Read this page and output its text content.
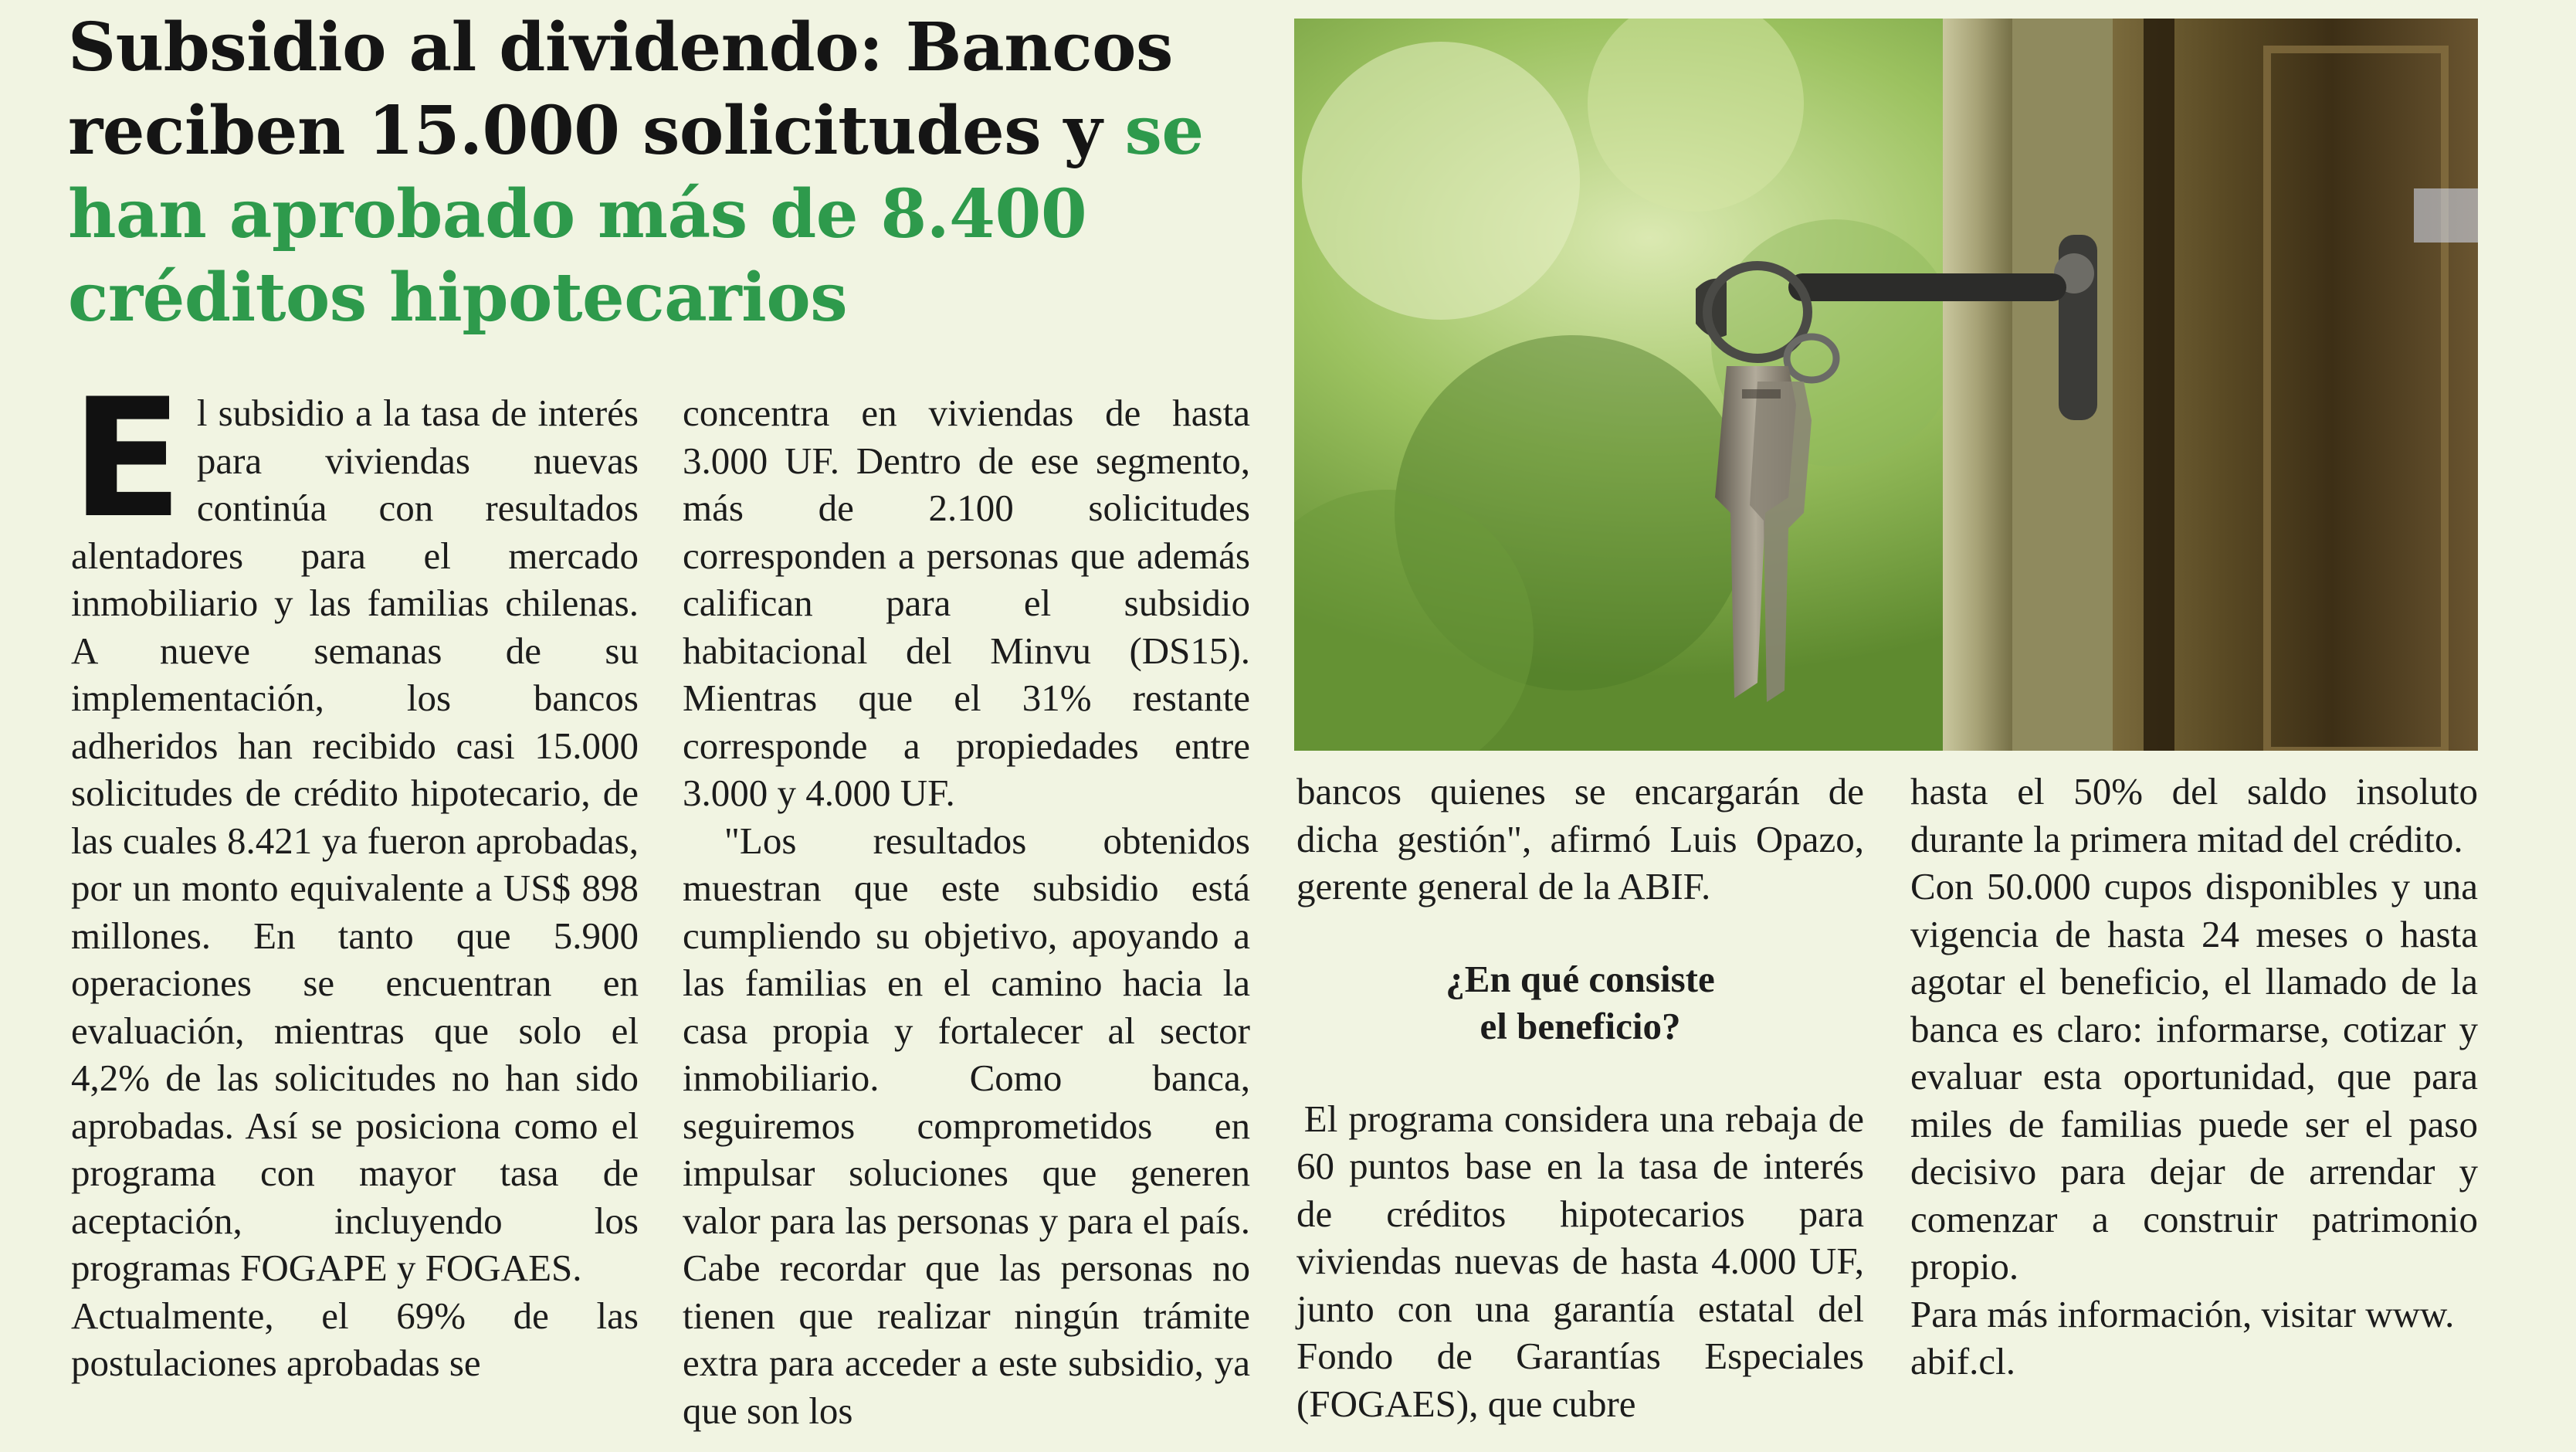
Subsidio al dividendo: Bancos reciben 15.000 solicitudes y se han aprobado más de 8.400 créditos hipotecarios

El subsidio a la tasa de interés para viviendas nuevas continúa con resultados alentadores para el mercado inmobiliario y las familias chilenas. A nueve semanas de su implementación, los bancos adheridos han recibido casi 15.000 solicitudes de crédito hipotecario, de las cuales 8.421 ya fueron aprobadas, por un monto equivalente a US$ 898 millones. En tanto que 5.900 operaciones se encuentran en evaluación, mientras que solo el 4,2% de las solicitudes no han sido aprobadas. Así se posiciona como el programa con mayor tasa de aceptación, incluyendo los programas FOGAPE y FOGAES.

Actualmente, el 69% de las postulaciones aprobadas se

concentra en viviendas de hasta 3.000 UF. Dentro de ese segmento, más de 2.100 solicitudes corresponden a personas que además califican para el subsidio habitacional del Minvu (DS15). Mientras que el 31% restante corresponde a propiedades entre 3.000 y 4.000 UF.

"Los resultados obtenidos muestran que este subsidio está cumpliendo su objetivo, apoyando a las familias en el camino hacia la casa propia y fortalecer al sector inmobiliario. Como banca, seguiremos comprometidos en impulsar soluciones que generen valor para las personas y para el país. Cabe recordar que las personas no tienen que realizar ningún trámite extra para acceder a este subsidio, ya que son los

bancos quienes se encargarán de dicha gestión", afirmó Luis Opazo, gerente general de la ABIF.

¿En qué consiste
el beneficio?

El programa considera una rebaja de 60 puntos base en la tasa de interés de créditos hipotecarios para viviendas nuevas de hasta 4.000 UF, junto con una garantía estatal del Fondo de Garantías Especiales (FOGAES), que cubre

hasta el 50% del saldo insoluto durante la primera mitad del crédito.

Con 50.000 cupos disponibles y una vigencia de hasta 24 meses o hasta agotar el beneficio, el llamado de la banca es claro: informarse, cotizar y evaluar esta oportunidad, que para miles de familias puede ser el paso decisivo para dejar de arrendar y comenzar a construir patrimonio propio.

Para más información, visitar www. abif.cl.
